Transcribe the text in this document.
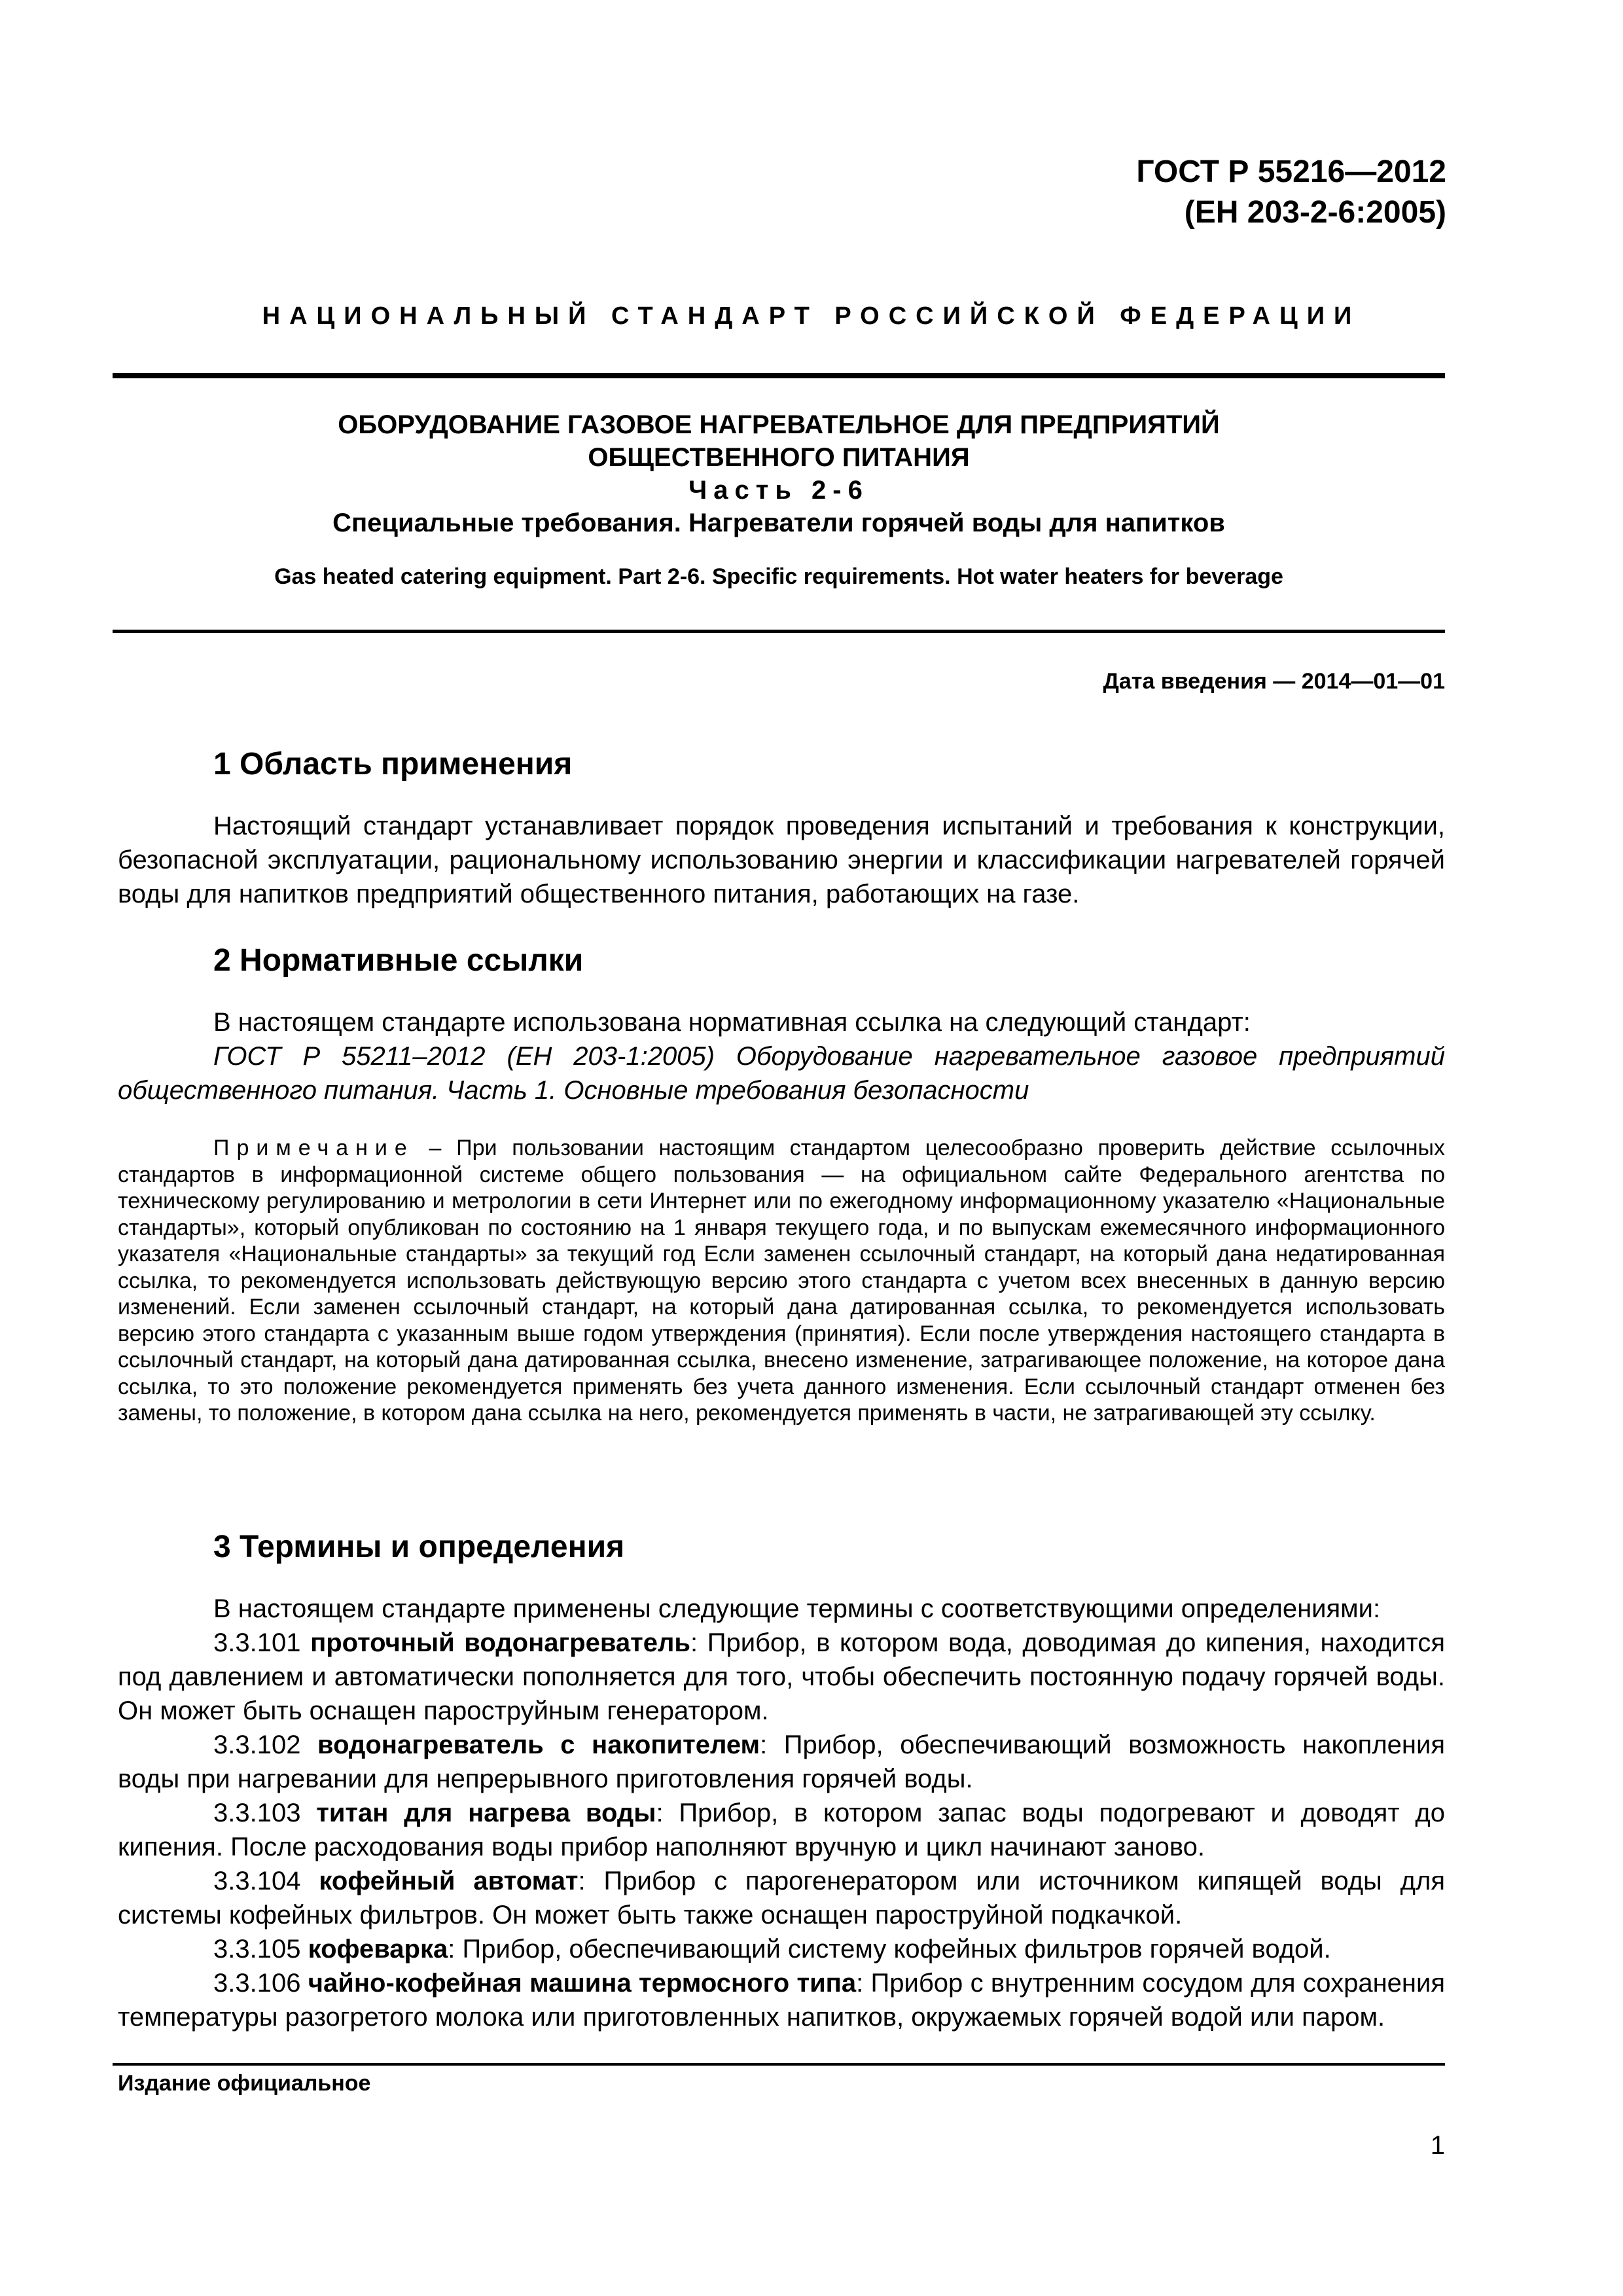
ГОСТ Р 55216—2012
(ЕН 203-2-6:2005)
НАЦИОНАЛЬНЫЙ СТАНДАРТ РОССИЙСКОЙ ФЕДЕРАЦИИ
ОБОРУДОВАНИЕ ГАЗОВОЕ НАГРЕВАТЕЛЬНОЕ ДЛЯ ПРЕДПРИЯТИЙ
ОБЩЕСТВЕННОГО ПИТАНИЯ
Часть 2-6
Специальные требования. Нагреватели горячей воды для напитков
Gas heated catering equipment. Part 2-6. Specific requirements. Hot water heaters for beverage
Дата введения — 2014—01—01
1 Область применения

Настоящий стандарт устанавливает порядок проведения испытаний и требования к конструкции, безопасной эксплуатации, рациональному использованию энергии и классификации нагревателей горячей воды для напитков предприятий общественного питания, работающих на газе.

2 Нормативные ссылки

В настоящем стандарте использована нормативная ссылка на следующий стандарт:

ГОСТ Р 55211–2012 (ЕН 203-1:2005) Оборудование нагревательное газовое предприятий общественного питания. Часть 1. Основные требования безопасности

Примечание – При пользовании настоящим стандартом целесообразно проверить действие ссылочных стандартов в информационной системе общего пользования — на официальном сайте Федерального агентства по техническому регулированию и метрологии в сети Интернет или по ежегодному информационному указателю «Национальные стандарты», который опубликован по состоянию на 1 января текущего года, и по выпускам ежемесячного информационного указателя «Национальные стандарты» за текущий год Если заменен ссылочный стандарт, на который дана недатированная ссылка, то рекомендуется использовать действующую версию этого стандарта с учетом всех внесенных в данную версию изменений. Если заменен ссылочный стандарт, на который дана датированная ссылка, то рекомендуется использовать версию этого стандарта с указанным выше годом утверждения (принятия). Если после утверждения настоящего стандарта в ссылочный стандарт, на который дана датированная ссылка, внесено изменение, затрагивающее положение, на которое дана ссылка, то это положение рекомендуется применять без учета данного изменения. Если ссылочный стандарт отменен без замены, то положение, в котором дана ссылка на него, рекомендуется применять в части, не затрагивающей эту ссылку.
3 Термины и определения

В настоящем стандарте применены следующие термины с соответствующими определениями:

3.3.101 проточный водонагреватель: Прибор, в котором вода, доводимая до кипения, находится под давлением и автоматически пополняется для того, чтобы обеспечить постоянную подачу горячей воды. Он может быть оснащен пароструйным генератором.

3.3.102 водонагреватель с накопителем: Прибор, обеспечивающий возможность накопления воды при нагревании для непрерывного приготовления горячей воды.

3.3.103 титан для нагрева воды: Прибор, в котором запас воды подогревают и доводят до кипения. После расходования воды прибор наполняют вручную и цикл начинают заново.

3.3.104 кофейный автомат: Прибор с парогенератором или источником кипящей воды для системы кофейных фильтров. Он может быть также оснащен пароструйной подкачкой.

3.3.105 кофеварка: Прибор, обеспечивающий систему кофейных фильтров горячей водой.

3.3.106 чайно-кофейная машина термосного типа: Прибор с внутренним сосудом для сохранения температуры разогретого молока или приготовленных напитков, окружаемых горячей водой или паром.

Издание официальное
1
